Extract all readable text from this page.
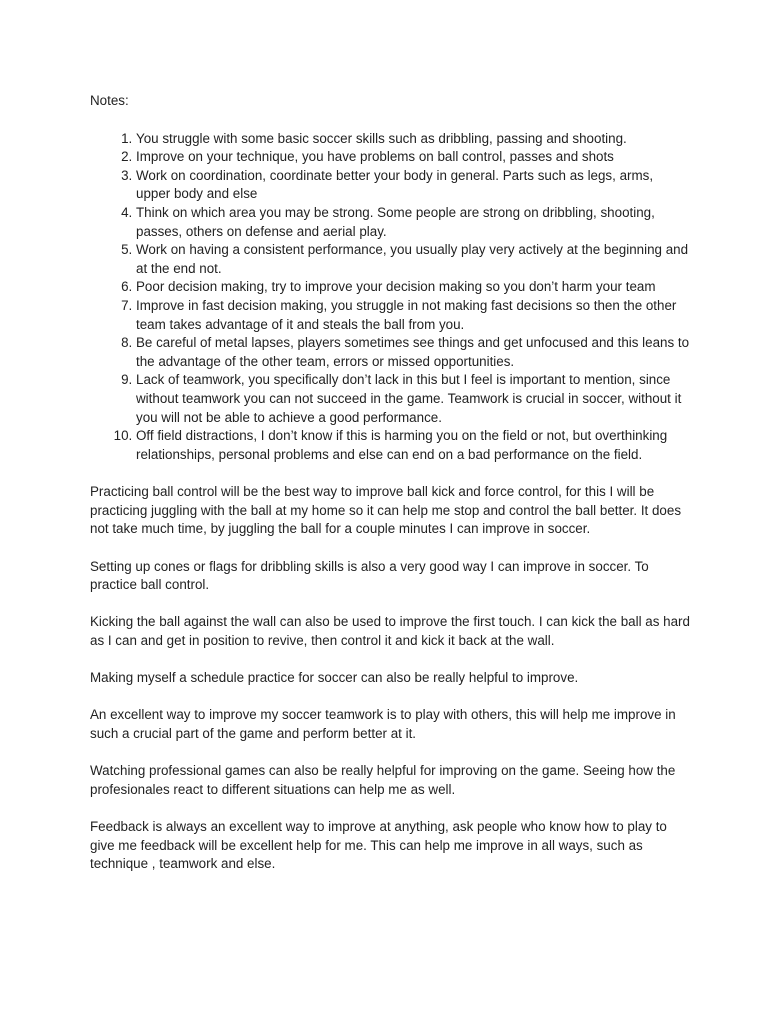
Notes:
1. You struggle with some basic soccer skills such as dribbling, passing and shooting.
2. Improve on your technique, you have problems on ball control, passes and shots
3. Work on coordination, coordinate better your body in general. Parts such as legs, arms, upper body and else
4. Think on which area you may be strong. Some people are strong on dribbling, shooting, passes, others on defense and aerial play.
5. Work on having a consistent performance, you usually play very actively at the beginning and at the end not.
6. Poor decision making, try to improve your decision making so you don’t harm your team
7. Improve in fast decision making, you struggle in not making fast decisions so then the other team takes advantage of it and steals the ball from you.
8. Be careful of metal lapses, players sometimes see things and get unfocused and this leans to the advantage of the other team, errors or missed opportunities.
9. Lack of teamwork, you specifically don’t lack in this but I feel is important to mention, since without teamwork you can not succeed in the game. Teamwork is crucial in soccer, without it you will not be able to achieve a good performance.
10. Off field distractions, I don’t know if this is harming you on the field or not, but overthinking relationships, personal problems and else can end on a bad performance on the field.

Practicing ball control will be the best way to improve ball kick and force control, for this I will be practicing juggling with the ball at my home so it can help me stop and control the ball better. It does not take much time, by juggling the ball for a couple minutes I can improve in soccer.

Setting up cones or flags for dribbling skills is also a very good way I can improve in soccer. To practice ball control.

Kicking the ball against the wall can also be used to improve the first touch. I can kick the ball as hard as I can and get in position to revive, then control it and kick it back at the wall.

Making myself a schedule practice for soccer can also be really helpful to improve.

An excellent way to improve my soccer teamwork is to play with others, this will help me improve in such a crucial part of the game and perform better at it.

Watching professional games can also be really helpful for improving on the game. Seeing how the profesionales react to different situations can help me as well.

Feedback is always an excellent way to improve at anything, ask people who know how to play to give me feedback will be excellent help for me. This can help me improve in all ways, such as technique , teamwork and else.
